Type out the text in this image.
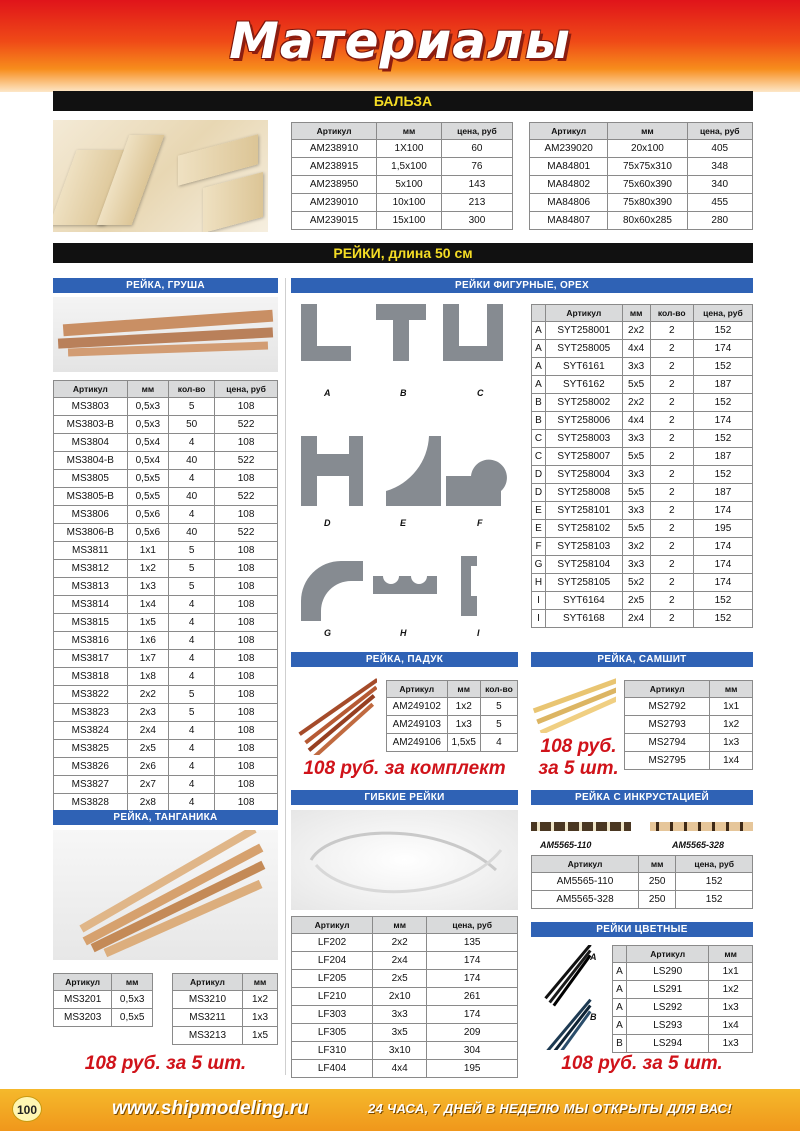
Материалы
БАЛЬЗА
Артикул	мм	цена, руб
AM238910	1X100	60
AM238915	1,5x100	76
AM238950	5x100	143
AM239010	10x100	213
AM239015	15x100	300
Артикул	мм	цена, руб
AM239020	20x100	405
MA84801	75x75x310	348
MA84802	75x60x390	340
MA84806	75x80x390	455
MA84807	80x60x285	280
РЕЙКИ, длина 50 см
РЕЙКА, ГРУША
Артикул	мм	кол-во	цена, руб
MS3803	0,5x3	5	108
MS3803-B	0,5x3	50	522
MS3804	0,5x4	4	108
MS3804-B	0,5x4	40	522
MS3805	0,5x5	4	108
MS3805-B	0,5x5	40	522
MS3806	0,5x6	4	108
MS3806-B	0,5x6	40	522
MS3811	1x1	5	108
MS3812	1x2	5	108
MS3813	1x3	5	108
MS3814	1x4	4	108
MS3815	1x5	4	108
MS3816	1x6	4	108
MS3817	1x7	4	108
MS3818	1x8	4	108
MS3822	2x2	5	108
MS3823	2x3	5	108
MS3824	2x4	4	108
MS3825	2x5	4	108
MS3826	2x6	4	108
MS3827	2x7	4	108
MS3828	2x8	4	108
РЕЙКА, ТАНГАНИКА
Артикул	мм
MS3201	0,5x3
MS3203	0,5x5
Артикул	мм
MS3210	1x2
MS3211	1x3
MS3213	1x5
108 руб. за 5 шт.
РЕЙКИ ФИГУРНЫЕ, ОРЕХ
A	B	C
D	E	F
G	H	I
	Артикул	мм	кол-во	цена, руб
A	SYT258001	2x2	2	152
A	SYT258005	4x4	2	174
A	SYT6161	3x3	2	152
A	SYT6162	5x5	2	187
B	SYT258002	2x2	2	152
B	SYT258006	4x4	2	174
C	SYT258003	3x3	2	152
C	SYT258007	5x5	2	187
D	SYT258004	3x3	2	152
D	SYT258008	5x5	2	187
E	SYT258101	3x3	2	174
E	SYT258102	5x5	2	195
F	SYT258103	3x2	2	174
G	SYT258104	3x3	2	174
H	SYT258105	5x2	2	174
I	SYT6164	2x5	2	152
I	SYT6168	2x4	2	152
РЕЙКА, ПАДУК
Артикул	мм	кол-во
AM249102	1x2	5
AM249103	1x3	5
AM249106	1,5x5	4
108 руб. за комплект
РЕЙКА, САМШИТ
108 руб.
за 5 шт.
Артикул	мм
MS2792	1x1
MS2793	1x2
MS2794	1x3
MS2795	1x4
ГИБКИЕ РЕЙКИ
Артикул	мм	цена, руб
LF202	2x2	135
LF204	2x4	174
LF205	2x5	174
LF210	2x10	261
LF303	3x3	174
LF305	3x5	209
LF310	3x10	304
LF404	4x4	195
РЕЙКА С ИНКРУСТАЦИЕЙ
AM5565-110	AM5565-328
Артикул	мм	цена, руб
AM5565-110	250	152
AM5565-328	250	152
РЕЙКИ ЦВЕТНЫЕ
A
B
	Артикул	мм
A	LS290	1x1
A	LS291	1x2
A	LS292	1x3
A	LS293	1x4
B	LS294	1x3
108 руб. за 5 шт.
100	www.shipmodeling.ru	24 ЧАСА, 7 ДНЕЙ В НЕДЕЛЮ МЫ ОТКРЫТЫ ДЛЯ ВАС!
